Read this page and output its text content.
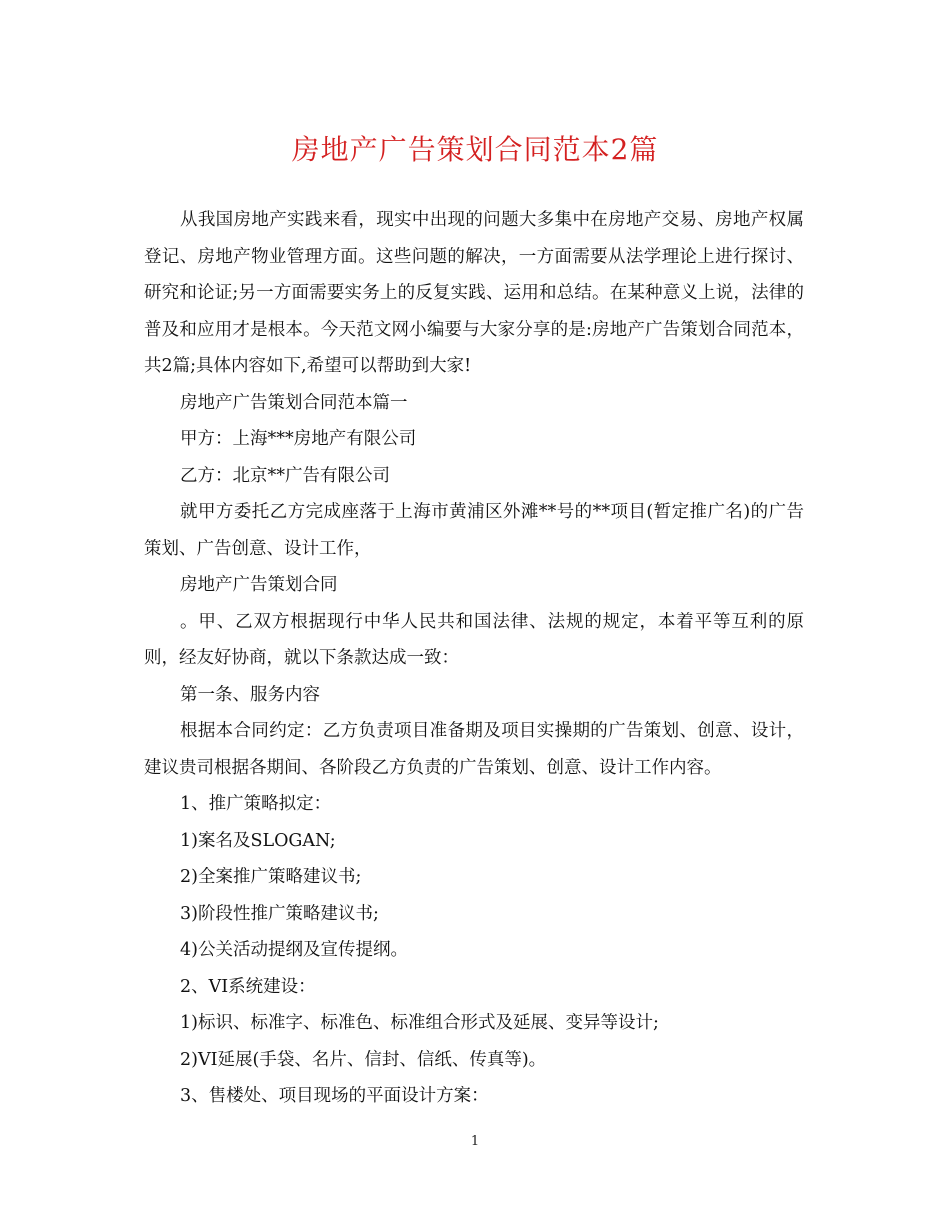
房地产广告策划合同范本2篇

从我国房地产实践来看，现实中出现的问题大多集中在房地产交易、房地产权属登记、房地产物业管理方面。这些问题的解决，一方面需要从法学理论上进行探讨、研究和论证;另一方面需要实务上的反复实践、运用和总结。在某种意义上说，法律的普及和应用才是根本。今天范文网小编要与大家分享的是:房地产广告策划合同范本，共2篇;具体内容如下,希望可以帮助到大家!

房地产广告策划合同范本篇一

甲方：上海***房地产有限公司

乙方：北京**广告有限公司

就甲方委托乙方完成座落于上海市黄浦区外滩**号的**项目(暂定推广名)的广告策划、广告创意、设计工作，

房地产广告策划合同

。甲、乙双方根据现行中华人民共和国法律、法规的规定，本着平等互利的原则，经友好协商，就以下条款达成一致：

第一条、服务内容

根据本合同约定：乙方负责项目准备期及项目实操期的广告策划、创意、设计，建议贵司根据各期间、各阶段乙方负责的广告策划、创意、设计工作内容。

1、推广策略拟定：

1)案名及SLOGAN;

2)全案推广策略建议书;

3)阶段性推广策略建议书;

4)公关活动提纲及宣传提纲。

2、VI系统建设：

1)标识、标准字、标准色、标准组合形式及延展、变异等设计;

2)VI延展(手袋、名片、信封、信纸、传真等)。

3、售楼处、项目现场的平面设计方案：

1
